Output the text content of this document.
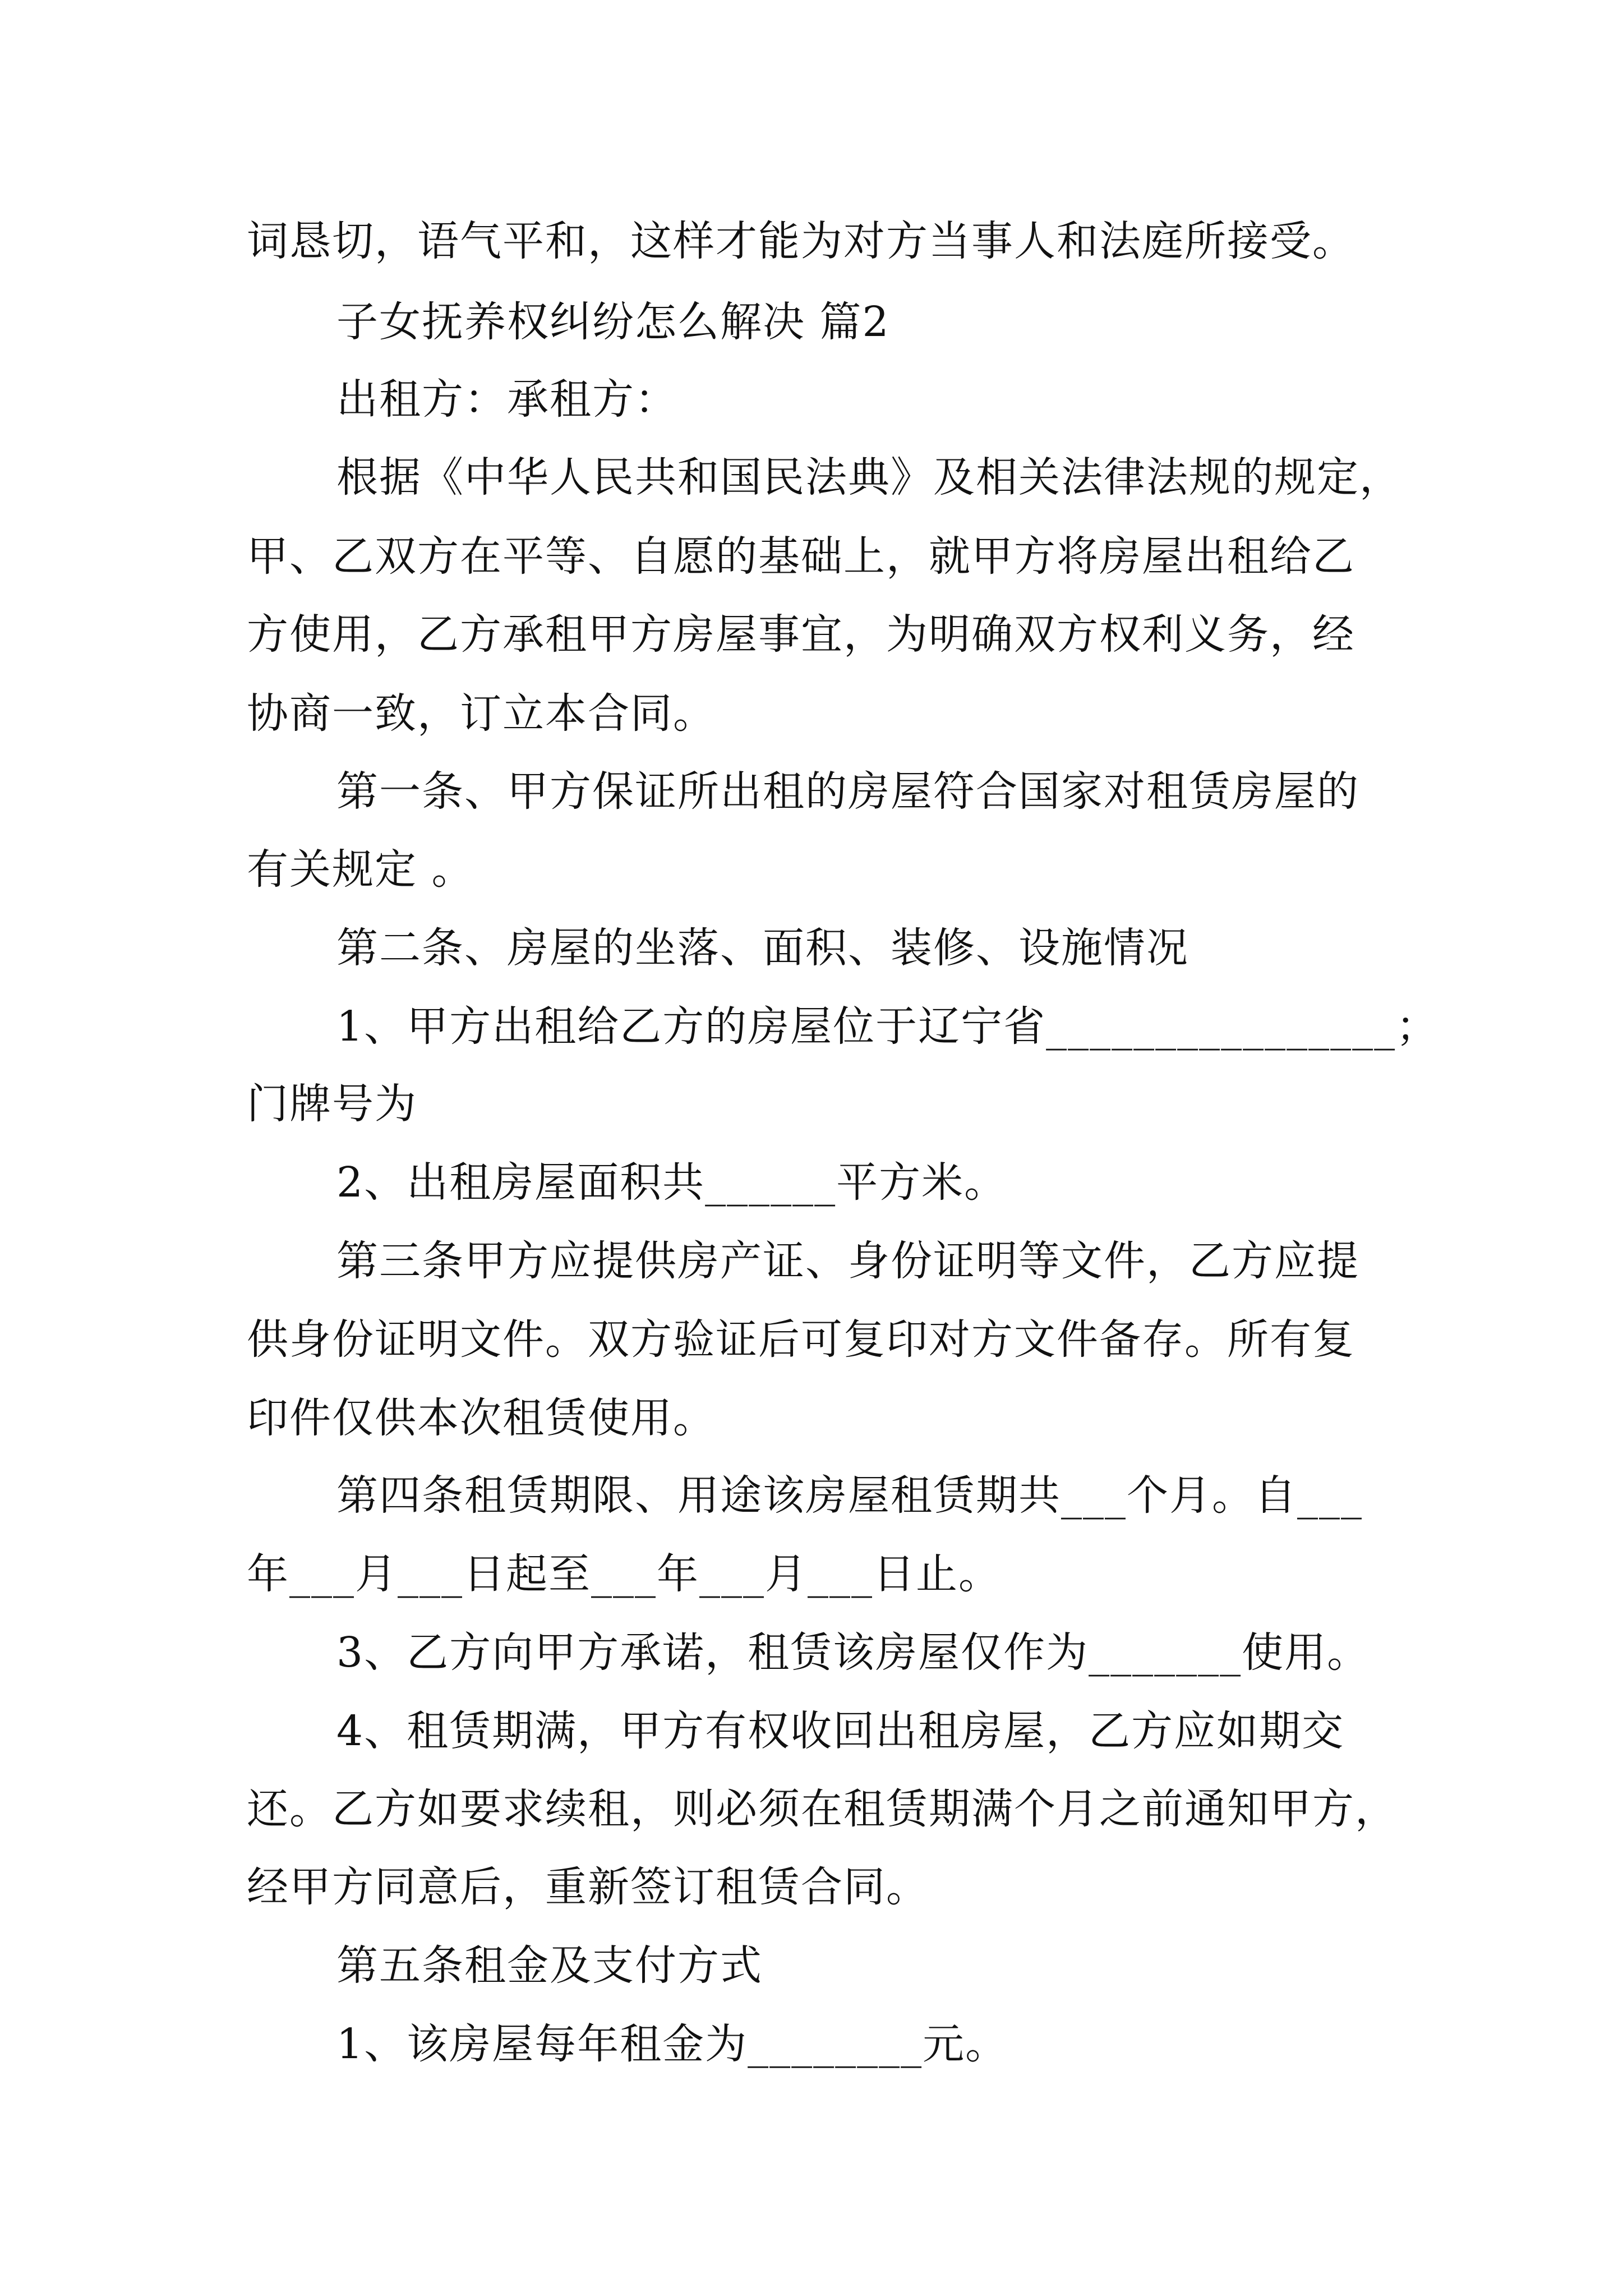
词恳切，语气平和，这样才能为对方当事人和法庭所接受。
子女抚养权纠纷怎么解决 篇2
出租方：承租方：
根据《中华人民共和国民法典》及相关法律法规的规定，
甲、乙双方在平等、自愿的基础上，就甲方将房屋出租给乙
方使用，乙方承租甲方房屋事宜，为明确双方权利义务，经
协商一致，订立本合同。
第一条、甲方保证所出租的房屋符合国家对租赁房屋的
有关规定 。
第二条、房屋的坐落、面积、装修、设施情况
1、甲方出租给乙方的房屋位于辽宁省________________；
门牌号为
2、出租房屋面积共______平方米。
第三条甲方应提供房产证、身份证明等文件，乙方应提
供身份证明文件。双方验证后可复印对方文件备存。所有复
印件仅供本次租赁使用。
第四条租赁期限、用途该房屋租赁期共___个月。自___
年___月___日起至___年___月___日止。
3、乙方向甲方承诺，租赁该房屋仅作为_______使用。
4、租赁期满，甲方有权收回出租房屋，乙方应如期交
还。乙方如要求续租，则必须在租赁期满个月之前通知甲方，
经甲方同意后，重新签订租赁合同。
第五条租金及支付方式
1、该房屋每年租金为________元。
